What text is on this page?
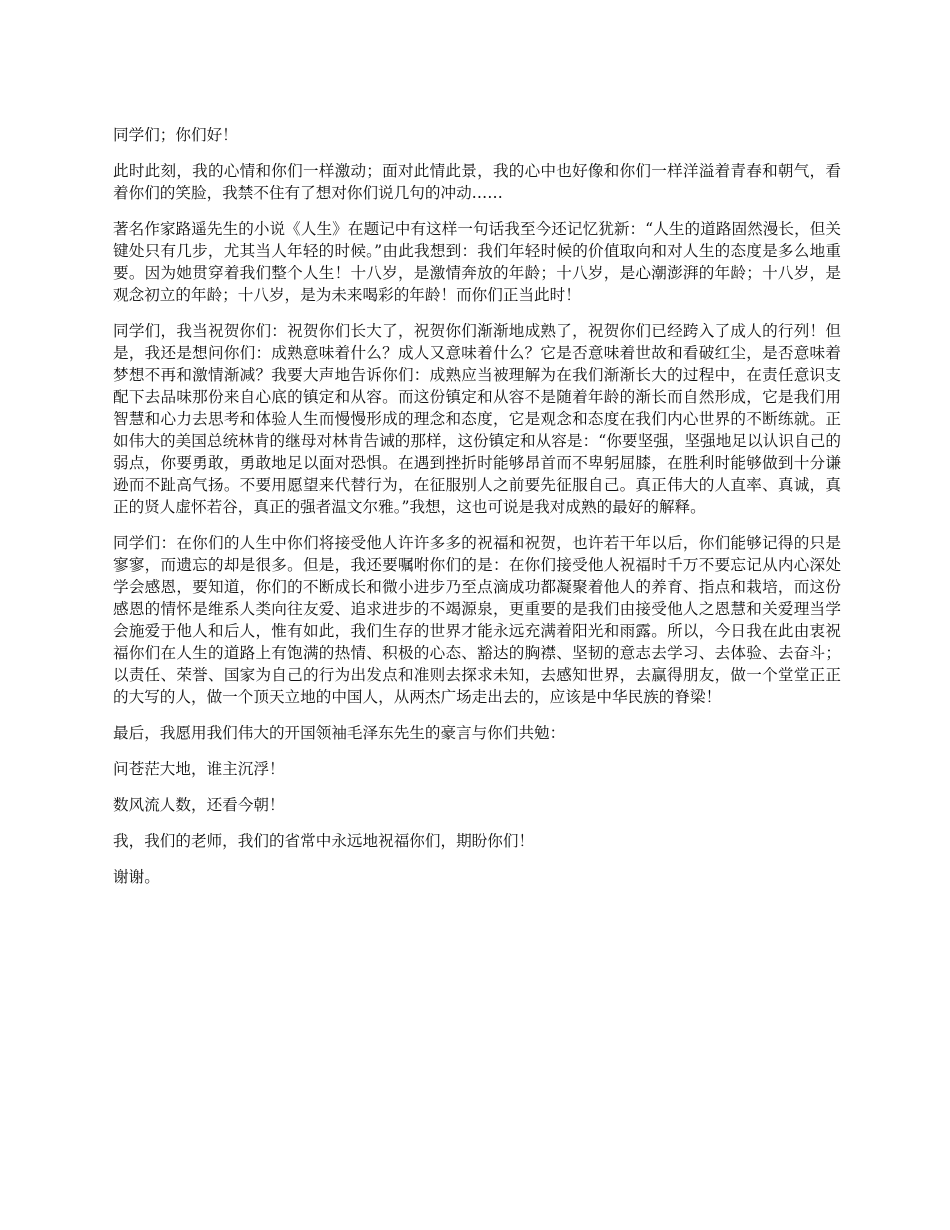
同学们；你们好！

此时此刻，我的心情和你们一样激动；面对此情此景，我的心中也好像和你们一样洋溢着青春和朝气，看着你们的笑脸，我禁不住有了想对你们说几句的冲动……

著名作家路遥先生的小说《人生》在题记中有这样一句话我至今还记忆犹新：“人生的道路固然漫长，但关键处只有几步，尤其当人年轻的时候。”由此我想到：我们年轻时候的价值取向和对人生的态度是多么地重要。因为她贯穿着我们整个人生！十八岁，是激情奔放的年龄；十八岁，是心潮澎湃的年龄；十八岁，是观念初立的年龄；十八岁，是为未来喝彩的年龄！而你们正当此时！

同学们，我当祝贺你们：祝贺你们长大了，祝贺你们渐渐地成熟了，祝贺你们已经跨入了成人的行列！但是，我还是想问你们：成熟意味着什么？成人又意味着什么？它是否意味着世故和看破红尘，是否意味着梦想不再和激情渐减？我要大声地告诉你们：成熟应当被理解为在我们渐渐长大的过程中，在责任意识支配下去品味那份来自心底的镇定和从容。而这份镇定和从容不是随着年龄的渐长而自然形成，它是我们用智慧和心力去思考和体验人生而慢慢形成的理念和态度，它是观念和态度在我们内心世界的不断练就。正如伟大的美国总统林肯的继母对林肯告诫的那样，这份镇定和从容是：“你要坚强，坚强地足以认识自己的弱点，你要勇敢，勇敢地足以面对恐惧。在遇到挫折时能够昂首而不卑躬屈膝，在胜利时能够做到十分谦逊而不趾高气扬。不要用愿望来代替行为，在征服别人之前要先征服自己。真正伟大的人直率、真诚，真正的贤人虚怀若谷，真正的强者温文尔雅。”我想，这也可说是我对成熟的最好的解释。

同学们：在你们的人生中你们将接受他人许许多多的祝福和祝贺，也许若干年以后，你们能够记得的只是寥寥，而遗忘的却是很多。但是，我还要嘱咐你们的是：在你们接受他人祝福时千万不要忘记从内心深处学会感恩，要知道，你们的不断成长和微小进步乃至点滴成功都凝聚着他人的养育、指点和栽培，而这份感恩的情怀是维系人类向往友爱、追求进步的不竭源泉，更重要的是我们由接受他人之恩慧和关爱理当学会施爱于他人和后人，惟有如此，我们生存的世界才能永远充满着阳光和雨露。所以，今日我在此由衷祝福你们在人生的道路上有饱满的热情、积极的心态、豁达的胸襟、坚韧的意志去学习、去体验、去奋斗；以责任、荣誉、国家为自己的行为出发点和准则去探求未知，去感知世界，去赢得朋友，做一个堂堂正正的大写的人，做一个顶天立地的中国人，从两杰广场走出去的，应该是中华民族的脊梁！

最后，我愿用我们伟大的开国领袖毛泽东先生的豪言与你们共勉：

问苍茫大地，谁主沉浮！

数风流人数，还看今朝！

我，我们的老师，我们的省常中永远地祝福你们，期盼你们！

谢谢。
